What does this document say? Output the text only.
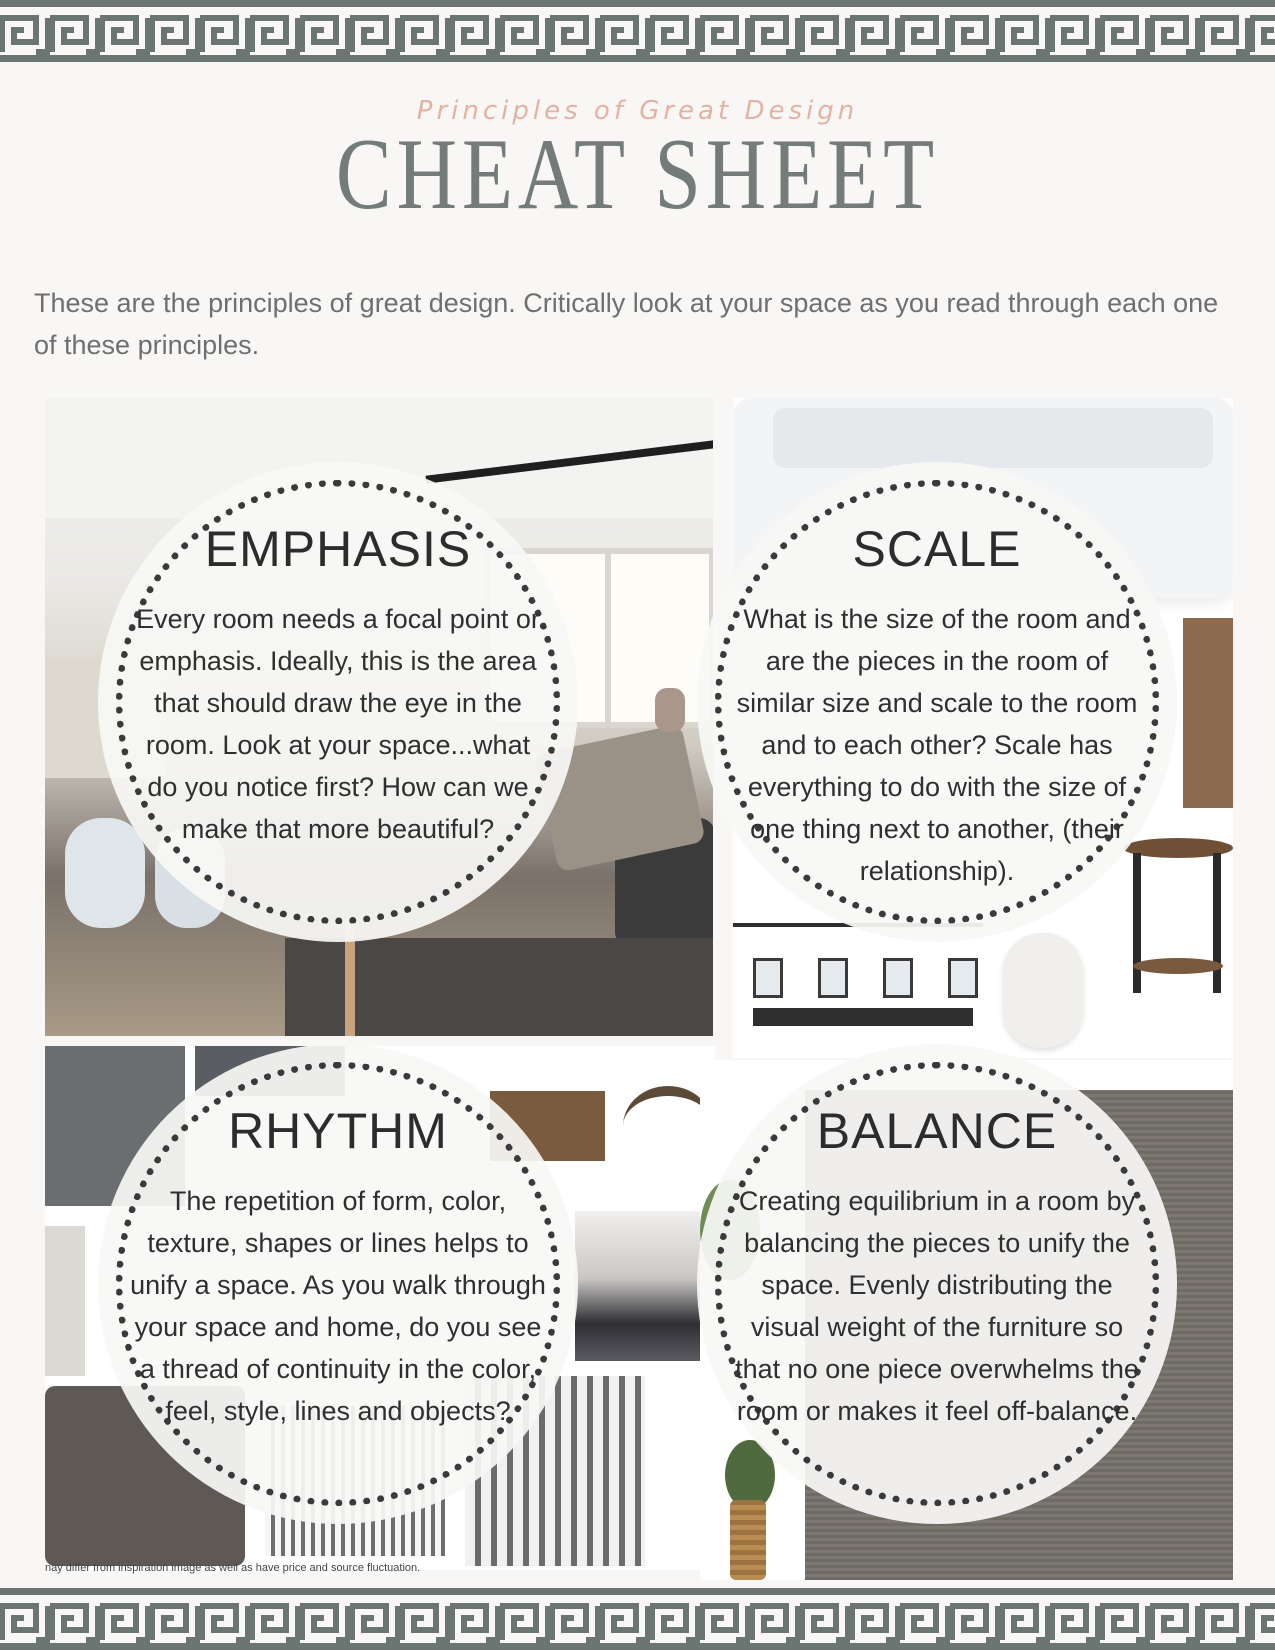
Principles of Great Design
CHEAT SHEET

These are the principles of great design. Critically look at your space as you read through each one of these principles.

EMPHASIS

Every room needs a focal point or emphasis. Ideally, this is the area that should draw the eye in the room. Look at your space...what do you notice first? How can we make that more beautiful?

SCALE

What is the size of the room and are the pieces in the room of similar size and scale to the room and to each other? Scale has everything to do with the size of one thing next to another, (their relationship).

RHYTHM

The repetition of form, color, texture, shapes or lines helps to unify a space. As you walk through your space and home, do you see a thread of continuity in the color, feel, style, lines and objects?

BALANCE

Creating equilibrium in a room by balancing the pieces to unify the space. Evenly distributing the visual weight of the furniture so that no one piece overwhelms the room or makes it feel off-balance.

nay differ from inspiration image as well as have price and source fluctuation.
